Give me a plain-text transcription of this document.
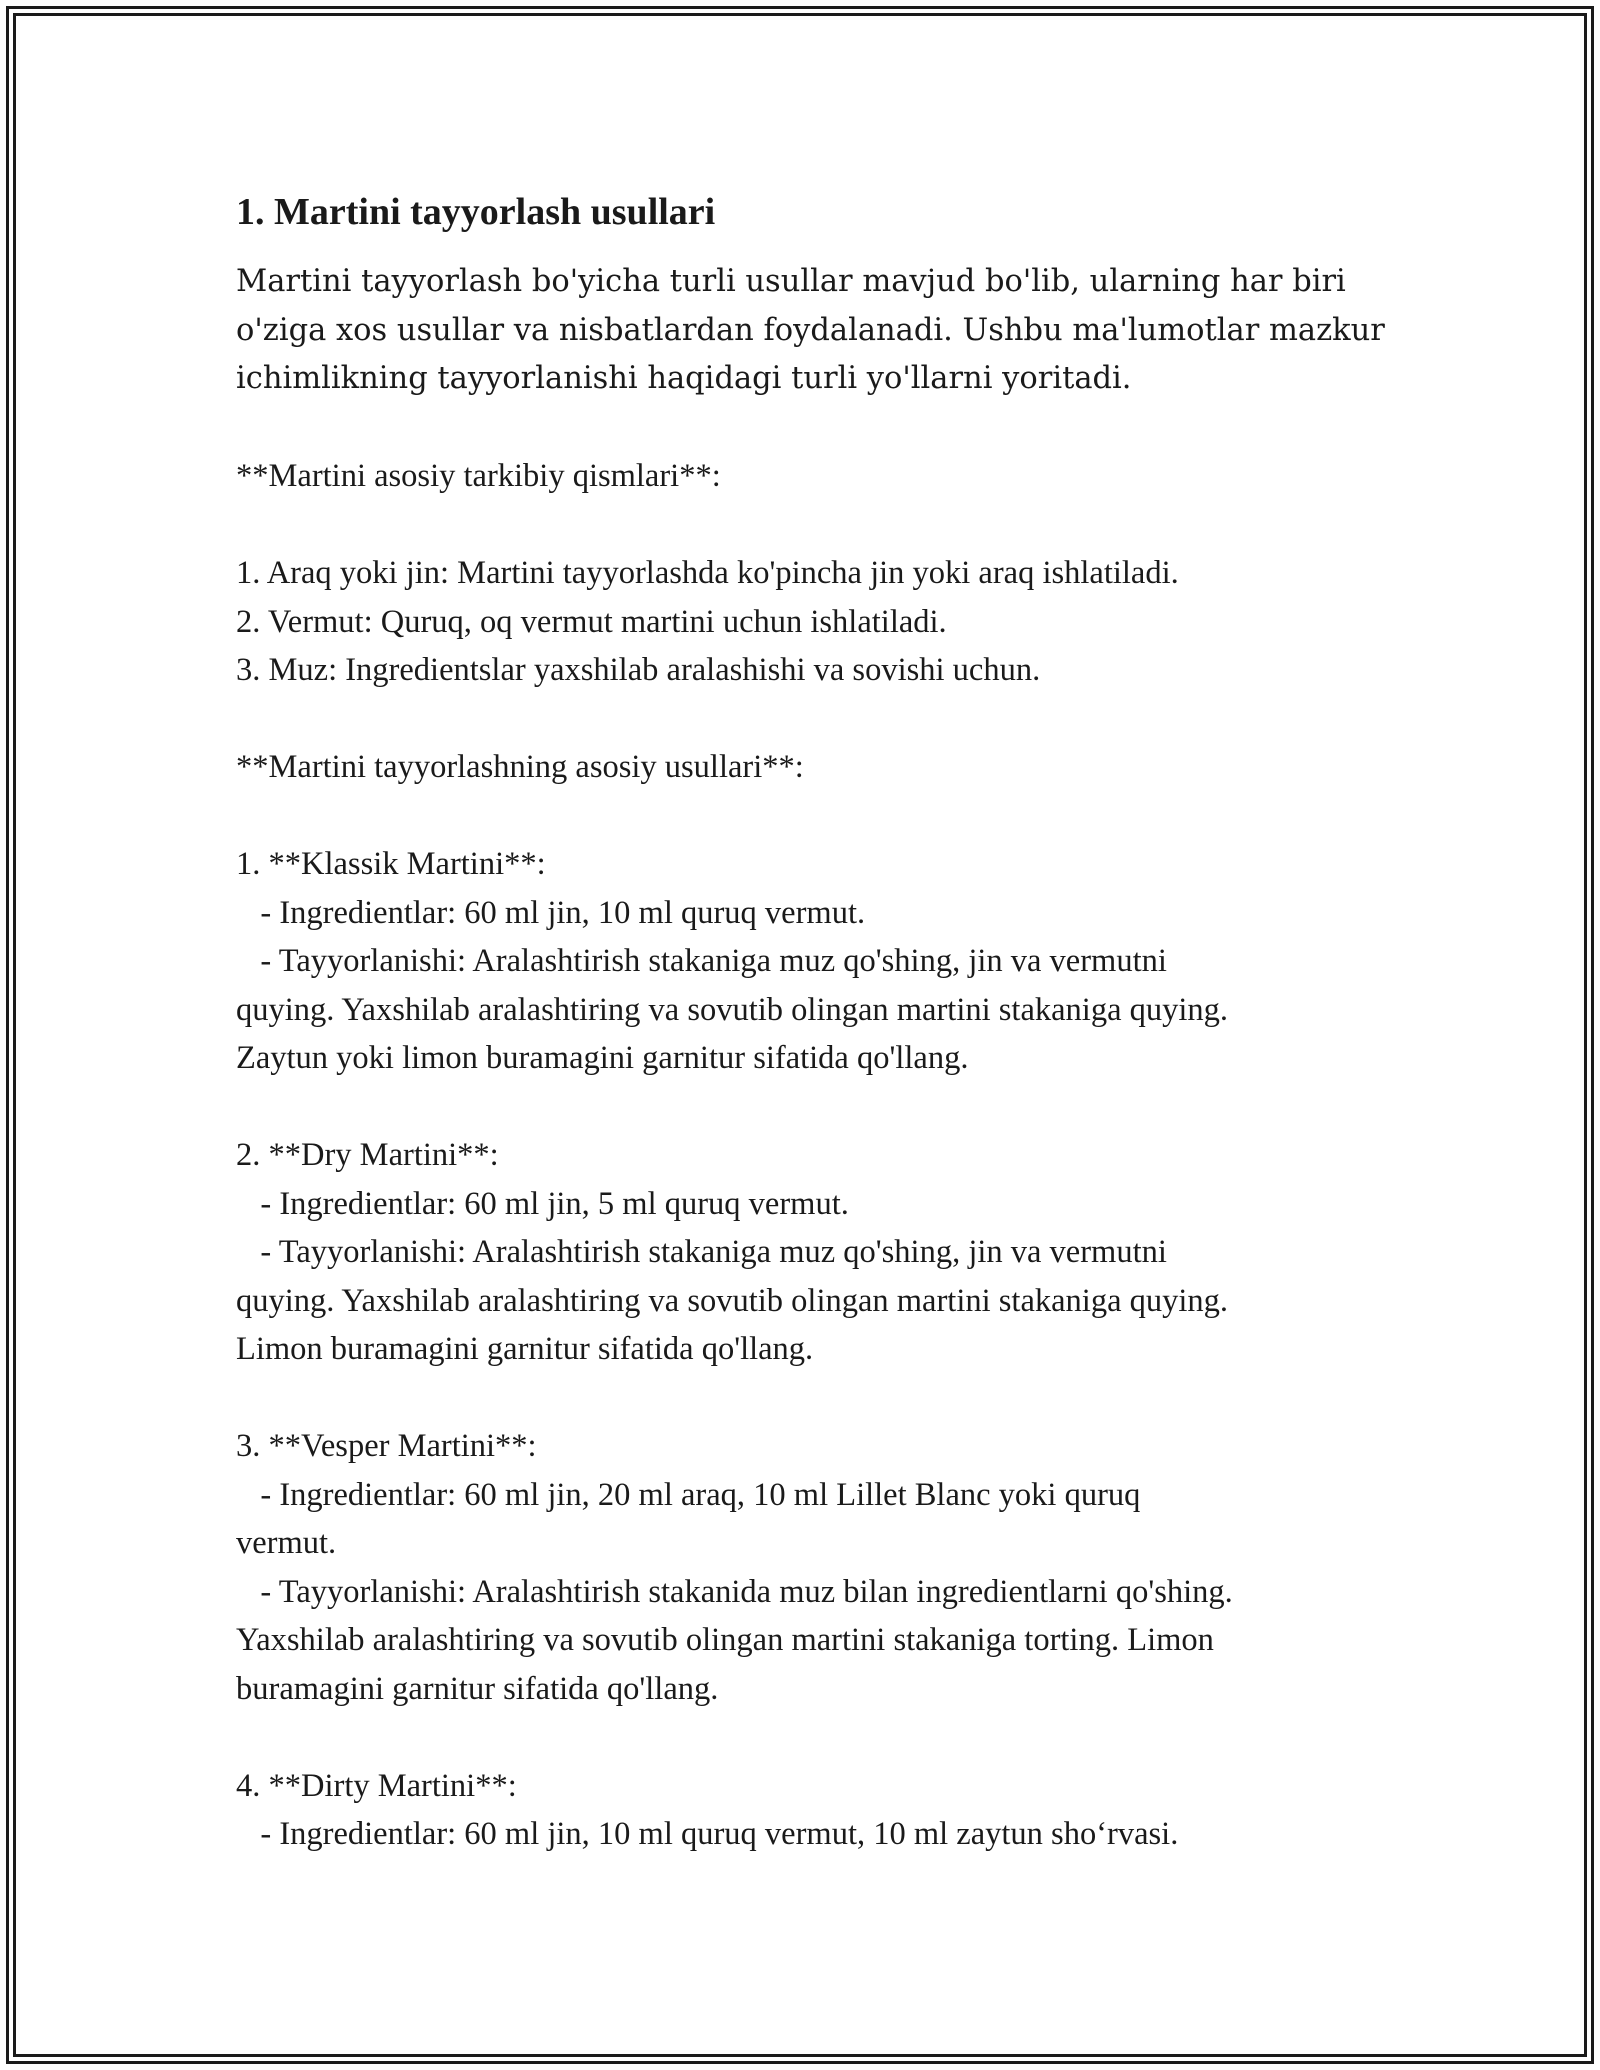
1. Martini tayyorlash usullari

Martini tayyorlash bo'yicha turli usullar mavjud bo'lib, ularning har biri
o'ziga xos usullar va nisbatlardan foydalanadi. Ushbu ma'lumotlar mazkur
ichimlikning tayyorlanishi haqidagi turli yo'llarni yoritadi.

**Martini asosiy tarkibiy qismlari**:

1. Araq yoki jin: Martini tayyorlashda ko'pincha jin yoki araq ishlatiladi.
2. Vermut: Quruq, oq vermut martini uchun ishlatiladi.
3. Muz: Ingredientslar yaxshilab aralashishi va sovishi uchun.

**Martini tayyorlashning asosiy usullari**:

1. **Klassik Martini**:
- Ingredientlar: 60 ml jin, 10 ml quruq vermut.
- Tayyorlanishi: Aralashtirish stakaniga muz qo'shing, jin va vermutni
quying. Yaxshilab aralashtiring va sovutib olingan martini stakaniga quying.
Zaytun yoki limon buramagini garnitur sifatida qo'llang.

2. **Dry Martini**:
- Ingredientlar: 60 ml jin, 5 ml quruq vermut.
- Tayyorlanishi: Aralashtirish stakaniga muz qo'shing, jin va vermutni
quying. Yaxshilab aralashtiring va sovutib olingan martini stakaniga quying.
Limon buramagini garnitur sifatida qo'llang.

3. **Vesper Martini**:
- Ingredientlar: 60 ml jin, 20 ml araq, 10 ml Lillet Blanc yoki quruq
vermut.
- Tayyorlanishi: Aralashtirish stakanida muz bilan ingredientlarni qo'shing.
Yaxshilab aralashtiring va sovutib olingan martini stakaniga torting. Limon
buramagini garnitur sifatida qo'llang.

4. **Dirty Martini**:
- Ingredientlar: 60 ml jin, 10 ml quruq vermut, 10 ml zaytun sho‘rvasi.
